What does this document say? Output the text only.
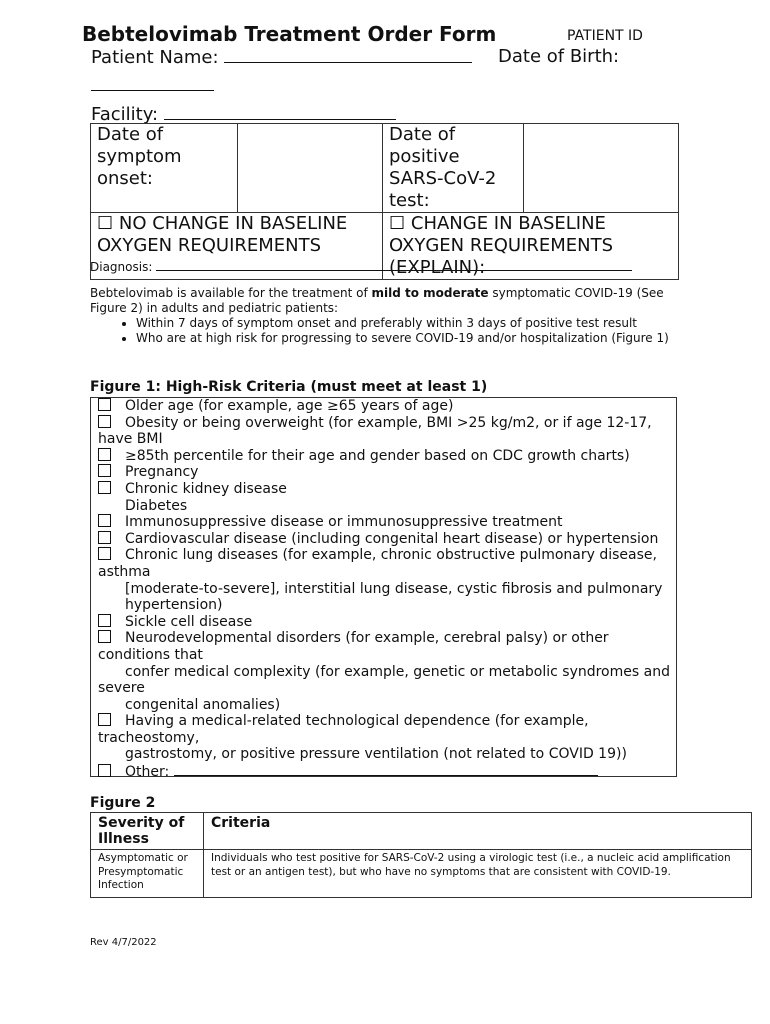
Bebtelovimab Treatment Order Form	PATIENT ID
Patient Name:	Date of Birth:
Facility:
Date of symptom onset:		Date of positive SARS-CoV-2 test:	
☐ NO CHANGE IN BASELINE OXYGEN REQUIREMENTS		☐ CHANGE IN BASELINE OXYGEN REQUIREMENTS (EXPLAIN):	
Diagnosis:
Bebtelovimab is available for the treatment of mild to moderate symptomatic COVID-19 (See Figure 2) in adults and pediatric patients:
• Within 7 days of symptom onset and preferably within 3 days of positive test result
• Who are at high risk for progressing to severe COVID-19 and/or hospitalization (Figure 1)
Figure 1: High-Risk Criteria (must meet at least 1)
Older age (for example, age ≥65 years of age)
Obesity or being overweight (for example, BMI >25 kg/m2, or if age 12-17,
have BMI
≥85th percentile for their age and gender based on CDC growth charts)
Pregnancy
Chronic kidney disease
Diabetes
Immunosuppressive disease or immunosuppressive treatment
Cardiovascular disease (including congenital heart disease) or hypertension
Chronic lung diseases (for example, chronic obstructive pulmonary disease,
asthma
[moderate-to-severe], interstitial lung disease, cystic fibrosis and pulmonary
hypertension)
Sickle cell disease
Neurodevelopmental disorders (for example, cerebral palsy) or other
conditions that
confer medical complexity (for example, genetic or metabolic syndromes and
severe
congenital anomalies)
Having a medical-related technological dependence (for example,
tracheostomy,
gastrostomy, or positive pressure ventilation (not related to COVID 19))
Other:
Figure 2
Severity of Illness	Criteria
Asymptomatic or Presymptomatic Infection	Individuals who test positive for SARS-CoV-2 using a virologic test (i.e., a nucleic acid amplification test or an antigen test), but who have no symptoms that are consistent with COVID-19.
Rev 4/7/2022
